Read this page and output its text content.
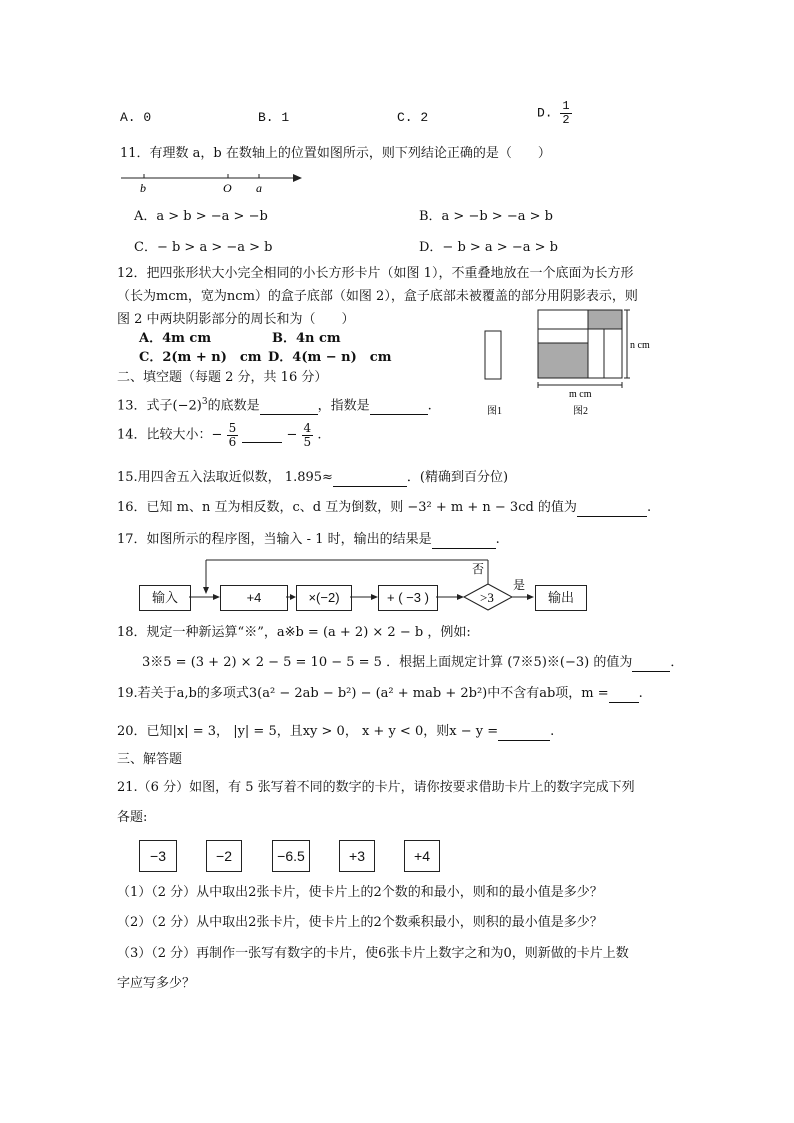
A. 0	B. 1	C. 2	D. $\frac{1}{2}$
11．有理数 a，b 在数轴上的位置如图所示，则下列结论正确的是（　　）
b	O a
A．a > b > −a > −b	B．a > −b > −a > b
C．− b > a > −a > b	D．− b > a > −a > b
12．把四张形状大小完全相同的小长方形卡片（如图 1），不重叠地放在一个底面为长方形
（长为mcm，宽为ncm）的盒子底部（如图 2），盒子底部未被覆盖的部分用阴影表示，则
图 2 中两块阴影部分的周长和为（　　）
A．4m cm	B．4n cm
C．2(m + n)　cm D．4(m − n)　cm
n cm
m cm
图1	图2
二、填空题（每题 2 分，共 16 分）
13．式子$(-2)^3$的底数是	，指数是	.
14．比较大小：− $\frac{5}{6}$	− $\frac{4}{5}$ .
15.用四舍五入法取近似数， 1.895≈	．(精确到百分位)
16．已知 m、n 互为相反数，c、d 互为倒数，则 −3² + m + n − 3cd 的值为	.
17．如图所示的程序图，当输入 - 1 时，输出的结果是	.
输入	+4	×(−2)	+ ( −3 )	输出
>3
是
否
18．规定一种新运算“※”，a※b = (a + 2) × 2 − b ，例如:
3※5 = (3 + 2) × 2 − 5 = 10 − 5 = 5 ．根据上面规定计算 (7※5)※(−3) 的值为	．
19.若关于a,b的多项式3(a² − 2ab − b²) − (a² + mab + 2b²)中不含有ab项，m = .
20．已知|x| = 3， |y| = 5，且xy > 0， x + y < 0，则x − y =	.
三、解答题
21.（6 分）如图，有 5 张写着不同的数字的卡片，请你按要求借助卡片上的数字完成下列
各题:
−3	−2	−6.5	+3	+4
（1）（2 分）从中取出2张卡片，使卡片上的2个数的和最小，则和的最小值是多少？
（2）（2 分）从中取出2张卡片，使卡片上的2个数乘积最小，则积的最小值是多少？
（3）（2 分）再制作一张写有数字的卡片，使6张卡片上数字之和为0，则新做的卡片上数
字应写多少？
